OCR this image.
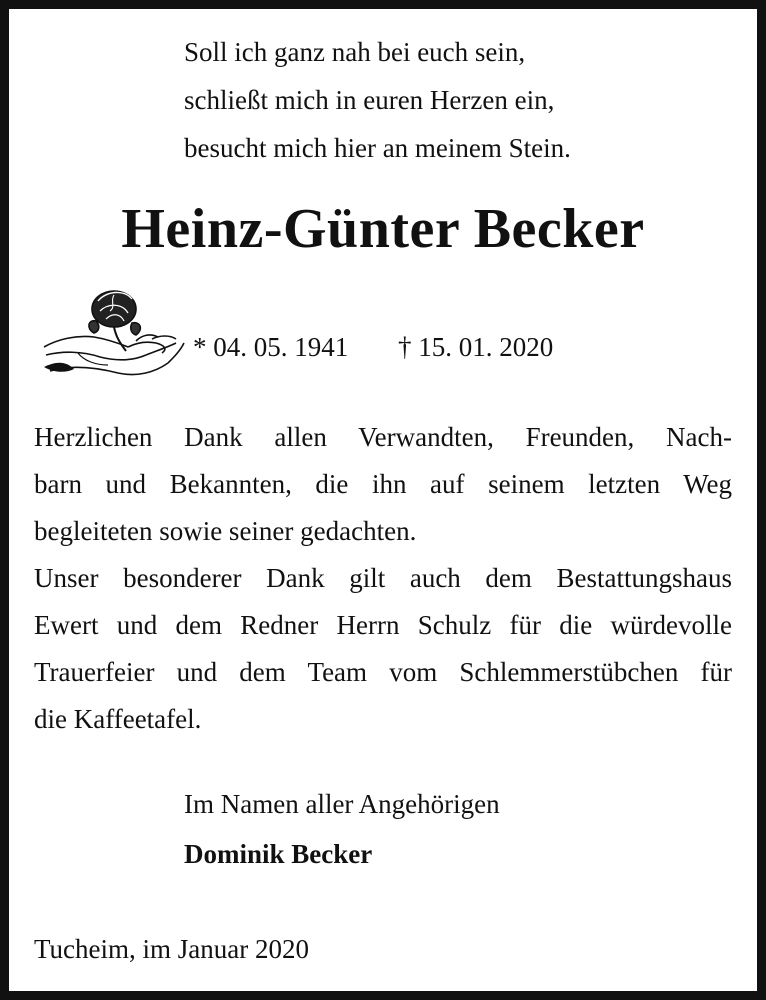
Soll ich ganz nah bei euch sein,

schließt mich in euren Herzen ein,

besucht mich hier an meinem Stein.

Heinz-Günter Becker
* 04. 05. 1941 † 15. 01. 2020

Herzlichen Dank allen Verwandten, Freunden, Nach-

barn und Bekannten, die ihn auf seinem letzten Weg

begleiteten sowie seiner gedachten.

Unser besonderer Dank gilt auch dem Bestattungshaus

Ewert und dem Redner Herrn Schulz für die würdevolle

Trauerfeier und dem Team vom Schlemmerstübchen für

die Kaffeetafel.

Im Namen aller Angehörigen

Dominik Becker

Tucheim, im Januar 2020
